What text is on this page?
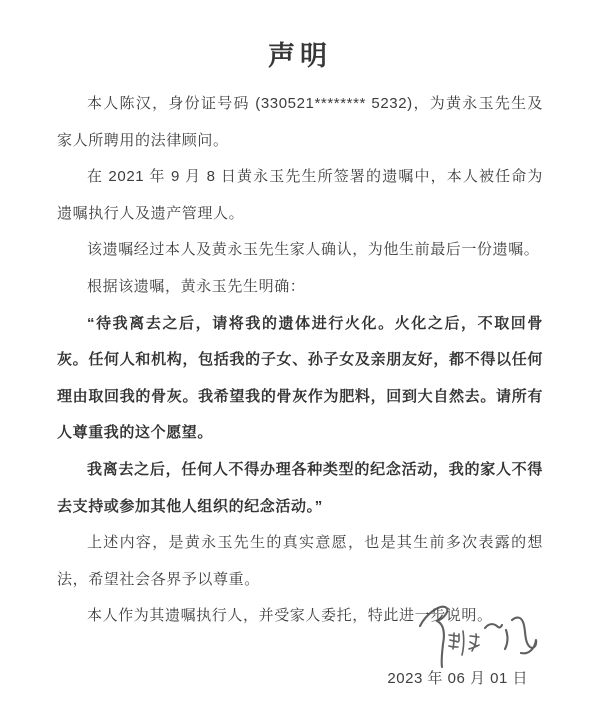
声明

本人陈汉，身份证号码 (330521******** 5232)，为黄永玉先生及家人所聘用的法律顾问。

在 2021 年 9 月 8 日黄永玉先生所签署的遗嘱中，本人被任命为遗嘱执行人及遗产管理人。

该遗嘱经过本人及黄永玉先生家人确认，为他生前最后一份遗嘱。

根据该遗嘱，黄永玉先生明确：

“待我离去之后，请将我的遗体进行火化。火化之后，不取回骨灰。任何人和机构，包括我的子女、孙子女及亲朋友好，都不得以任何理由取回我的骨灰。我希望我的骨灰作为肥料，回到大自然去。请所有人尊重我的这个愿望。

我离去之后，任何人不得办理各种类型的纪念活动，我的家人不得去支持或参加其他人组织的纪念活动。”

上述内容，是黄永玉先生的真实意愿，也是其生前多次表露的想法，希望社会各界予以尊重。

本人作为其遗嘱执行人，并受家人委托，特此进一步说明。

2023 年 06 月 01 日
